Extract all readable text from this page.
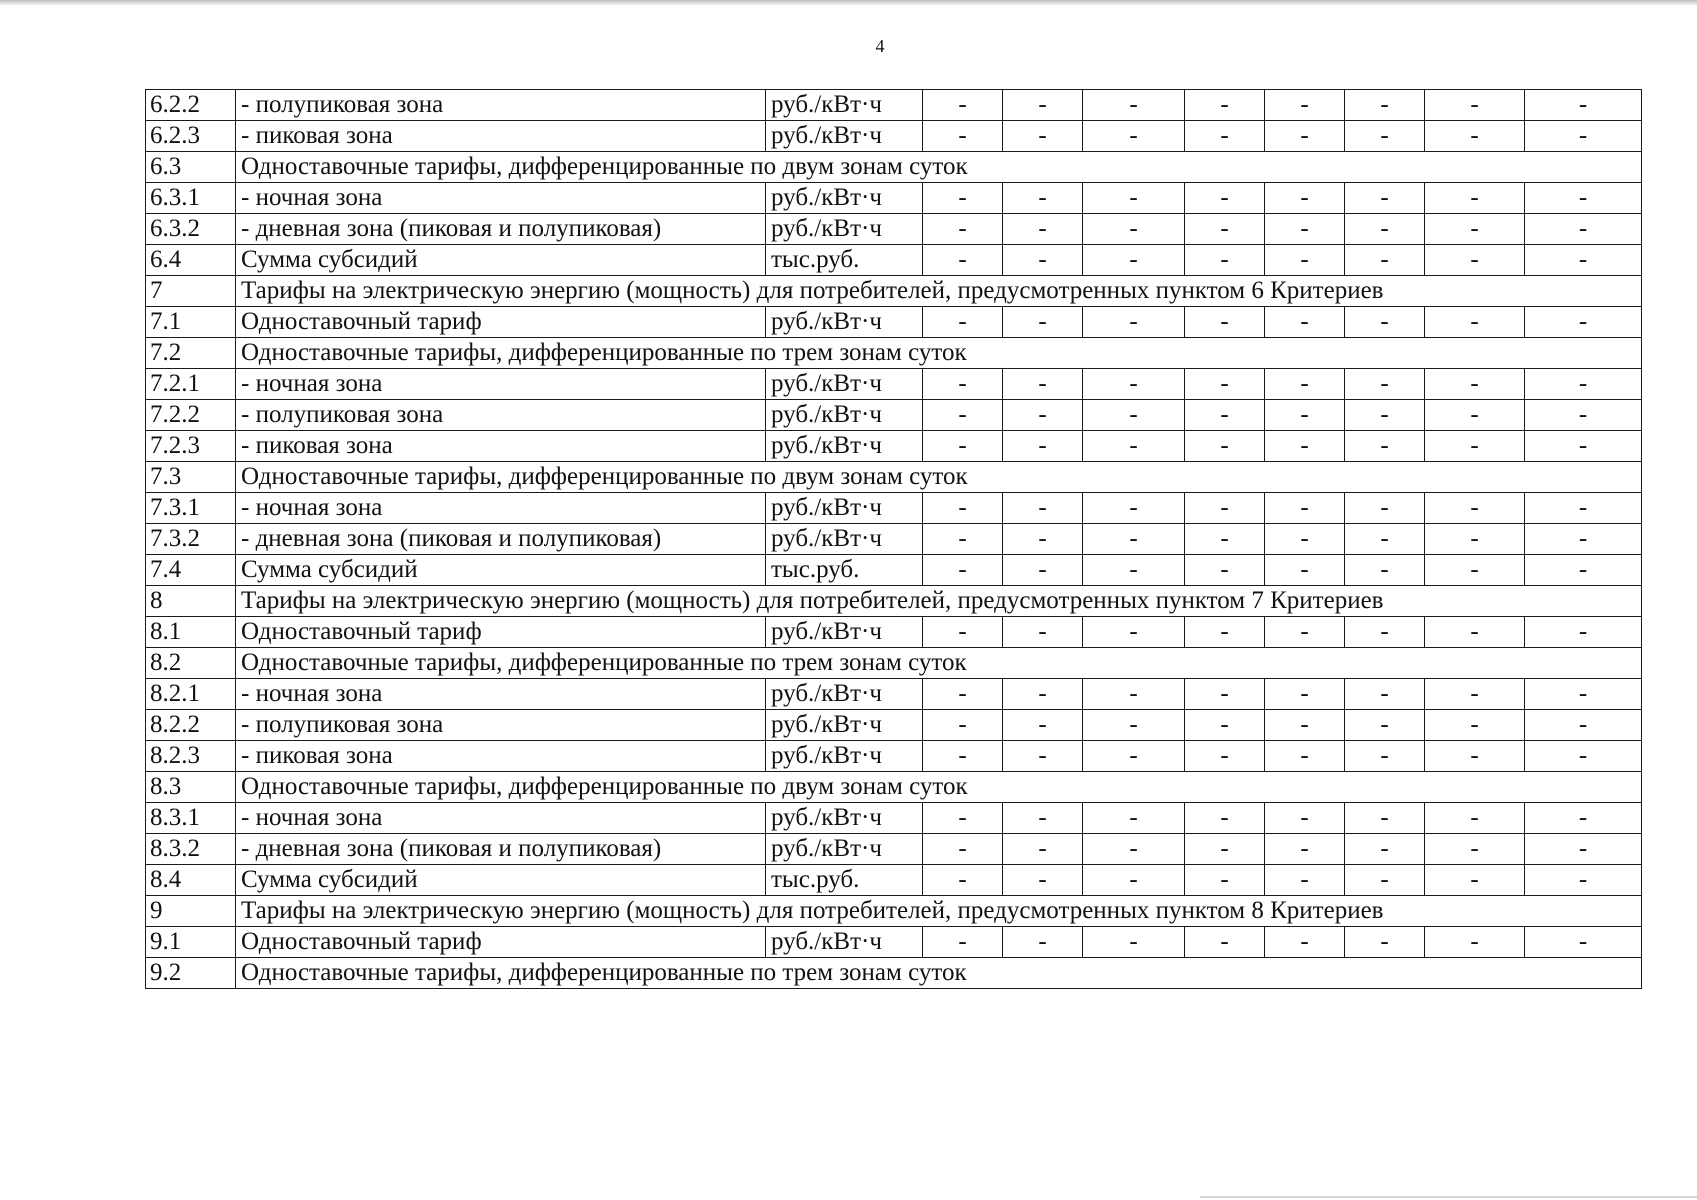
4
6.2.2	- полупиковая зона	руб./кВт·ч	-	-	-	-	-	-	-	-
6.2.3	- пиковая зона	руб./кВт·ч	-	-	-	-	-	-	-	-
6.3	Одноставочные тарифы, дифференцированные по двум зонам суток									
6.3.1	- ночная зона	руб./кВт·ч	-	-	-	-	-	-	-	-
6.3.2	- дневная зона (пиковая и полупиковая)	руб./кВт·ч	-	-	-	-	-	-	-	-
6.4	Сумма субсидий	тыс.руб.	-	-	-	-	-	-	-	-
7	Тарифы на электрическую энергию (мощность) для потребителей, предусмотренных пунктом 6 Критериев									
7.1	Одноставочный тариф	руб./кВт·ч	-	-	-	-	-	-	-	-
7.2	Одноставочные тарифы, дифференцированные по трем зонам суток									
7.2.1	- ночная зона	руб./кВт·ч	-	-	-	-	-	-	-	-
7.2.2	- полупиковая зона	руб./кВт·ч	-	-	-	-	-	-	-	-
7.2.3	- пиковая зона	руб./кВт·ч	-	-	-	-	-	-	-	-
7.3	Одноставочные тарифы, дифференцированные по двум зонам суток									
7.3.1	- ночная зона	руб./кВт·ч	-	-	-	-	-	-	-	-
7.3.2	- дневная зона (пиковая и полупиковая)	руб./кВт·ч	-	-	-	-	-	-	-	-
7.4	Сумма субсидий	тыс.руб.	-	-	-	-	-	-	-	-
8	Тарифы на электрическую энергию (мощность) для потребителей, предусмотренных пунктом 7 Критериев									
8.1	Одноставочный тариф	руб./кВт·ч	-	-	-	-	-	-	-	-
8.2	Одноставочные тарифы, дифференцированные по трем зонам суток									
8.2.1	- ночная зона	руб./кВт·ч	-	-	-	-	-	-	-	-
8.2.2	- полупиковая зона	руб./кВт·ч	-	-	-	-	-	-	-	-
8.2.3	- пиковая зона	руб./кВт·ч	-	-	-	-	-	-	-	-
8.3	Одноставочные тарифы, дифференцированные по двум зонам суток									
8.3.1	- ночная зона	руб./кВт·ч	-	-	-	-	-	-	-	-
8.3.2	- дневная зона (пиковая и полупиковая)	руб./кВт·ч	-	-	-	-	-	-	-	-
8.4	Сумма субсидий	тыс.руб.	-	-	-	-	-	-	-	-
9	Тарифы на электрическую энергию (мощность) для потребителей, предусмотренных пунктом 8 Критериев									
9.1	Одноставочный тариф	руб./кВт·ч	-	-	-	-	-	-	-	-
9.2	Одноставочные тарифы, дифференцированные по трем зонам суток									
